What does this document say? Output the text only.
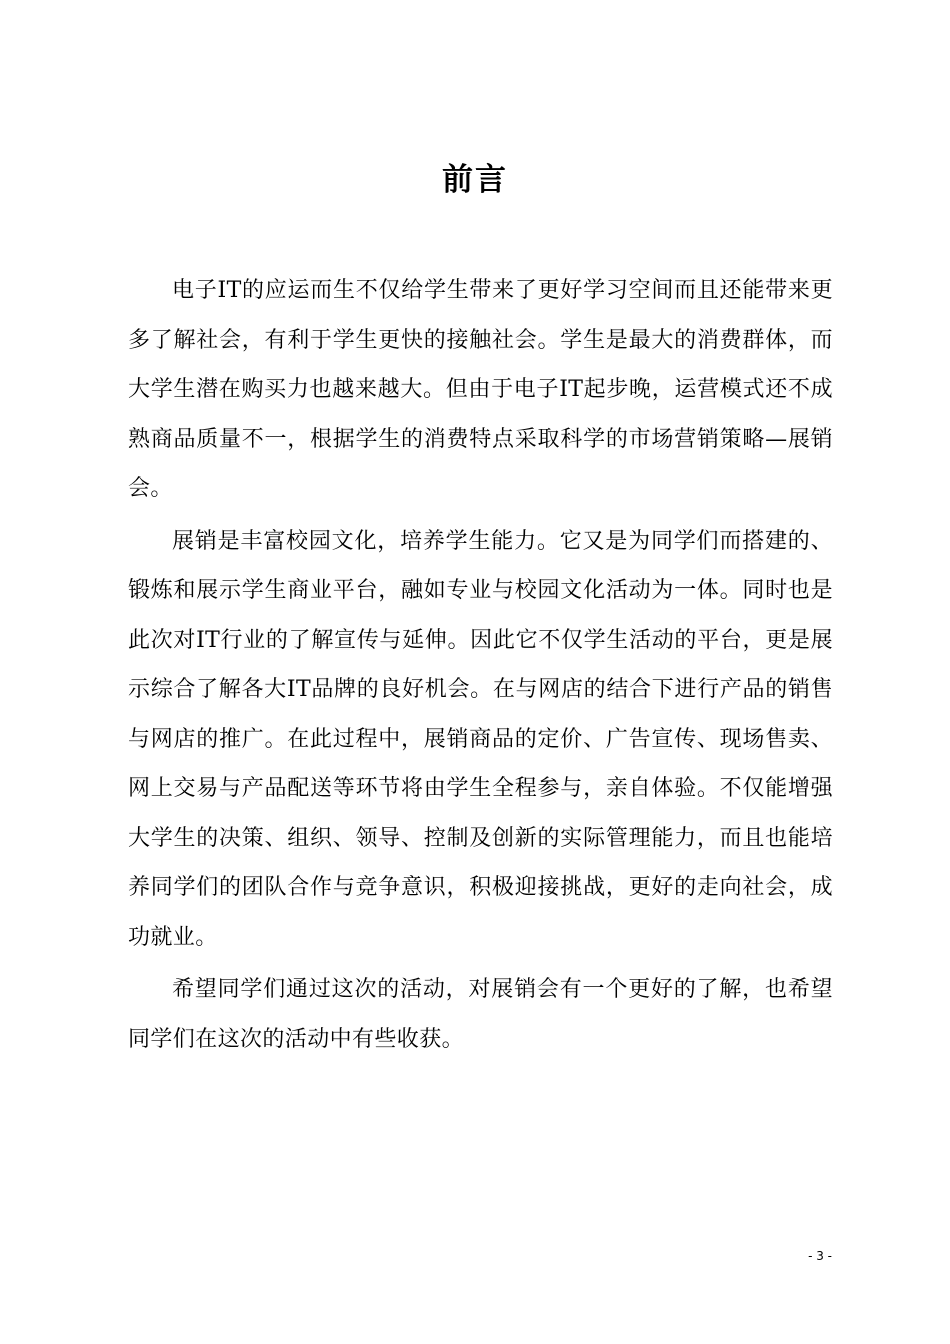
前言

电子IT的应运而生不仅给学生带来了更好学习空间而且还能带来更多了解社会，有利于学生更快的接触社会。学生是最大的消费群体，而大学生潜在购买力也越来越大。但由于电子IT起步晚，运营模式还不成熟商品质量不一，根据学生的消费特点采取科学的市场营销策略—展销会。

展销是丰富校园文化，培养学生能力。它又是为同学们而搭建的、锻炼和展示学生商业平台，融如专业与校园文化活动为一体。同时也是此次对IT行业的了解宣传与延伸。因此它不仅学生活动的平台，更是展示综合了解各大IT品牌的良好机会。在与网店的结合下进行产品的销售与网店的推广。在此过程中，展销商品的定价、广告宣传、现场售卖、网上交易与产品配送等环节将由学生全程参与，亲自体验。不仅能增强大学生的决策、组织、领导、控制及创新的实际管理能力，而且也能培养同学们的团队合作与竞争意识，积极迎接挑战，更好的走向社会，成功就业。

希望同学们通过这次的活动，对展销会有一个更好的了解，也希望同学们在这次的活动中有些收获。

- 3 -
